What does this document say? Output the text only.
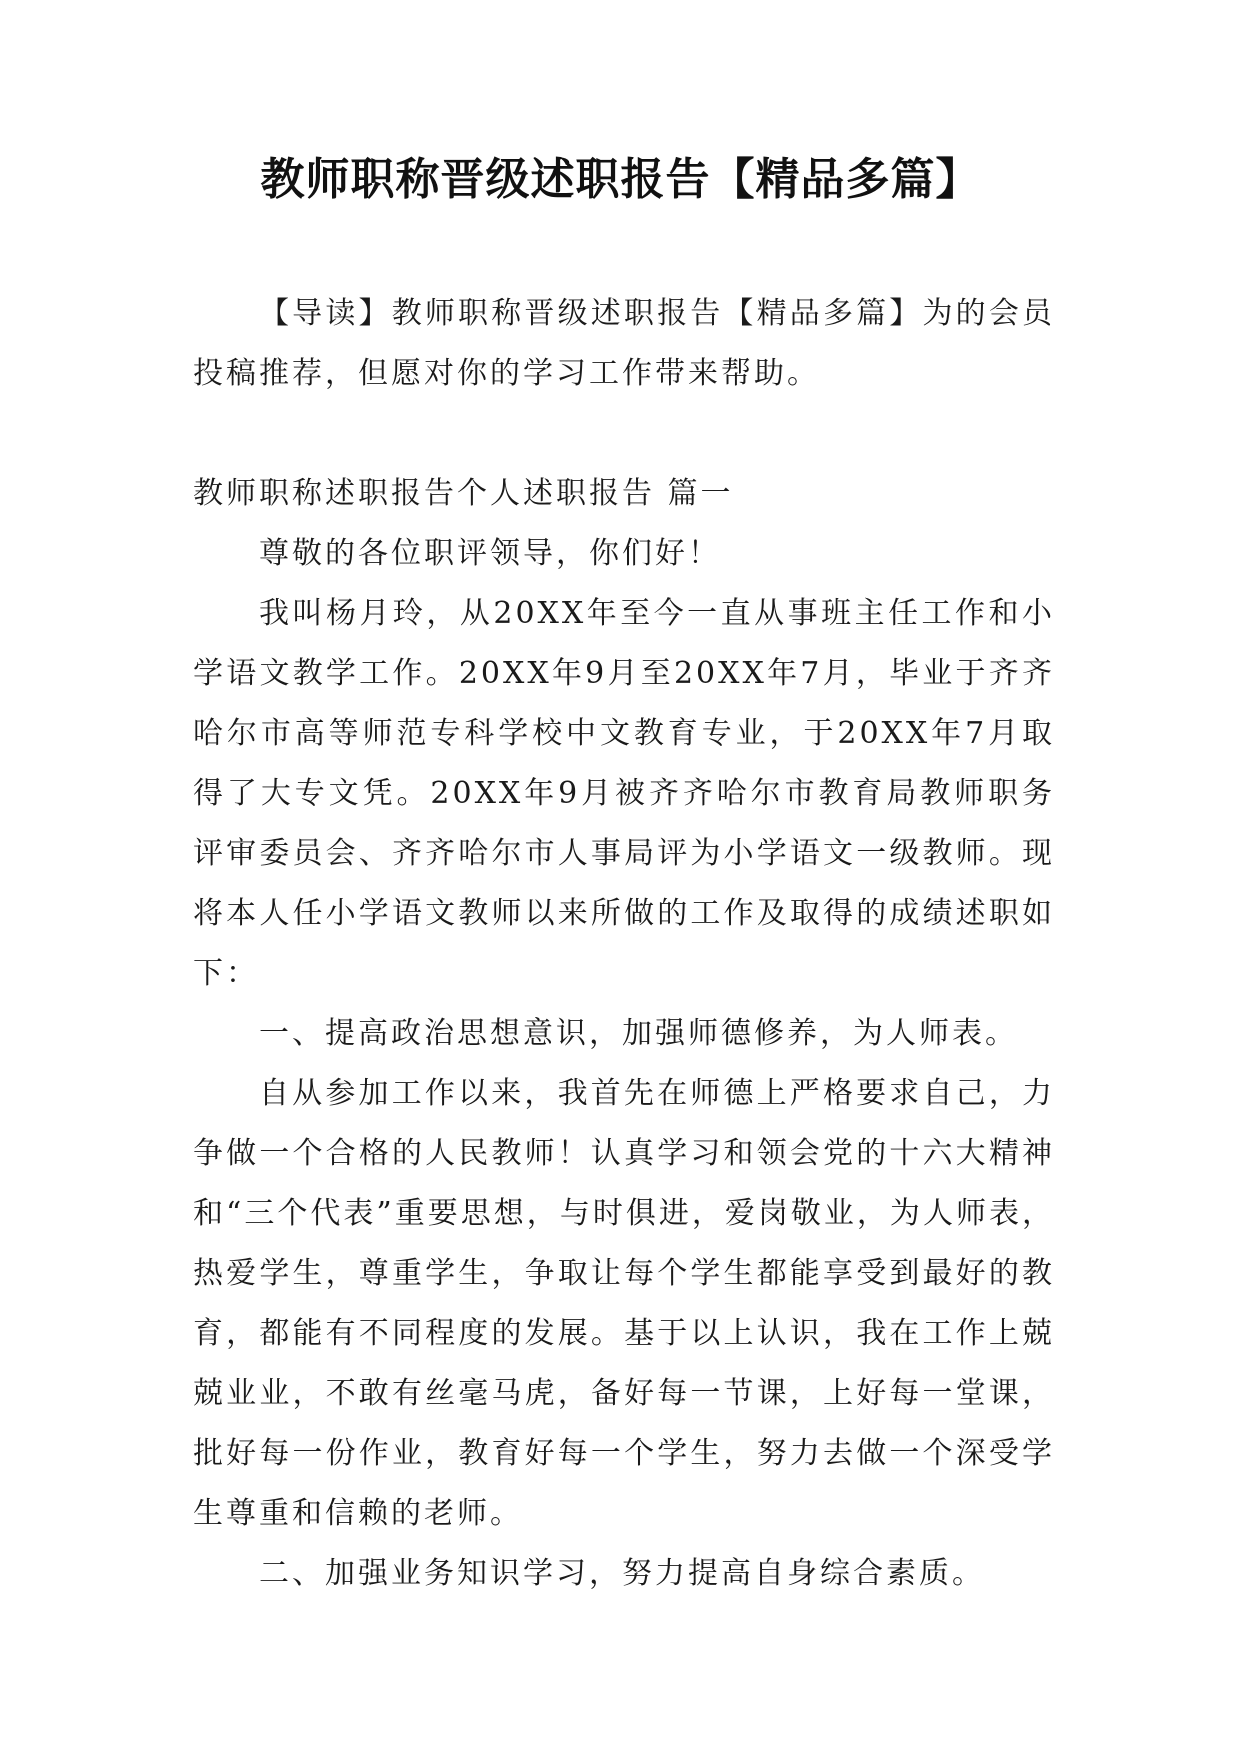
教师职称晋级述职报告【精品多篇】

【导读】教师职称晋级述职报告【精品多篇】为的会员投稿推荐，但愿对你的学习工作带来帮助。

教师职称述职报告个人述职报告 篇一

尊敬的各位职评领导，你们好！

我叫杨月玲，从20XX年至今一直从事班主任工作和小学语文教学工作。20XX年9月至20XX年7月，毕业于齐齐哈尔市高等师范专科学校中文教育专业，于20XX年7月取得了大专文凭。20XX年9月被齐齐哈尔市教育局教师职务评审委员会、齐齐哈尔市人事局评为小学语文一级教师。现将本人任小学语文教师以来所做的工作及取得的成绩述职如下：

一、提高政治思想意识，加强师德修养，为人师表。

自从参加工作以来，我首先在师德上严格要求自己，力争做一个合格的人民教师！认真学习和领会党的十六大精神和“三个代表”重要思想，与时俱进，爱岗敬业，为人师表，热爱学生，尊重学生，争取让每个学生都能享受到最好的教育，都能有不同程度的发展。基于以上认识，我在工作上兢兢业业，不敢有丝毫马虎，备好每一节课，上好每一堂课，批好每一份作业，教育好每一个学生，努力去做一个深受学生尊重和信赖的老师。

二、加强业务知识学习，努力提高自身综合素质。
